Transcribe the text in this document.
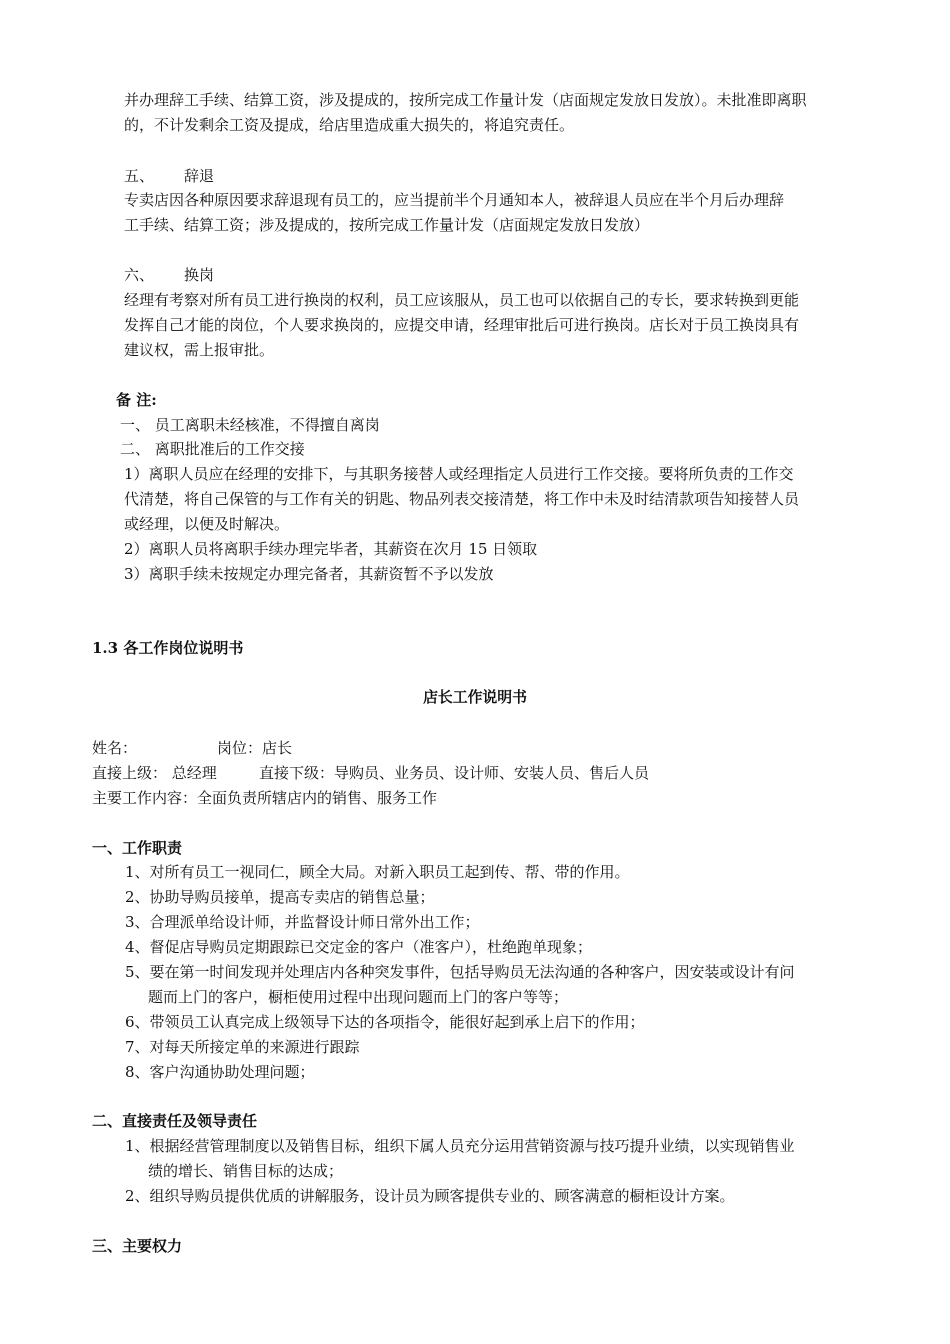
并办理辞工手续、结算工资，涉及提成的，按所完成工作量计发（店面规定发放日发放）。未批准即离职
的，不计发剩余工资及提成，给店里造成重大损失的，将追究责任。
五、 辞退
专卖店因各种原因要求辞退现有员工的，应当提前半个月通知本人，被辞退人员应在半个月后办理辞
工手续、结算工资；涉及提成的，按所完成工作量计发（店面规定发放日发放）
六、 换岗
经理有考察对所有员工进行换岗的权利，员工应该服从，员工也可以依据自己的专长，要求转换到更能
发挥自己才能的岗位，个人要求换岗的，应提交申请，经理审批后可进行换岗。店长对于员工换岗具有
建议权，需上报审批。
备 注:
一、 员工离职未经核准，不得擅自离岗
二、 离职批准后的工作交接
1）离职人员应在经理的安排下，与其职务接替人或经理指定人员进行工作交接。要将所负责的工作交
代清楚，将自己保管的与工作有关的钥匙、物品列表交接清楚，将工作中未及时结清款项告知接替人员
或经理，以便及时解决。
2）离职人员将离职手续办理完毕者，其薪资在次月 15 日领取
3）离职手续未按规定办理完备者，其薪资暂不予以发放
1.3 各工作岗位说明书
店长工作说明书
姓名：	岗位：店长
直接上级： 总经理	直接下级：导购员、业务员、设计师、安装人员、售后人员
主要工作内容：全面负责所辖店内的销售、服务工作
一、工作职责
1、对所有员工一视同仁，顾全大局。对新入职员工起到传、帮、带的作用。
2、协助导购员接单，提高专卖店的销售总量；
3、合理派单给设计师，并监督设计师日常外出工作；
4、督促店导购员定期跟踪已交定金的客户（准客户），杜绝跑单现象；
5、要在第一时间发现并处理店内各种突发事件，包括导购员无法沟通的各种客户，因安装或设计有问
题而上门的客户，橱柜使用过程中出现问题而上门的客户等等；
6、带领员工认真完成上级领导下达的各项指令，能很好起到承上启下的作用；
7、对每天所接定单的来源进行跟踪
8、客户沟通协助处理问题；
二、直接责任及领导责任
1、根据经营管理制度以及销售目标，组织下属人员充分运用营销资源与技巧提升业绩，以实现销售业
绩的增长、销售目标的达成；
2、组织导购员提供优质的讲解服务，设计员为顾客提供专业的、顾客满意的橱柜设计方案。
三、主要权力
